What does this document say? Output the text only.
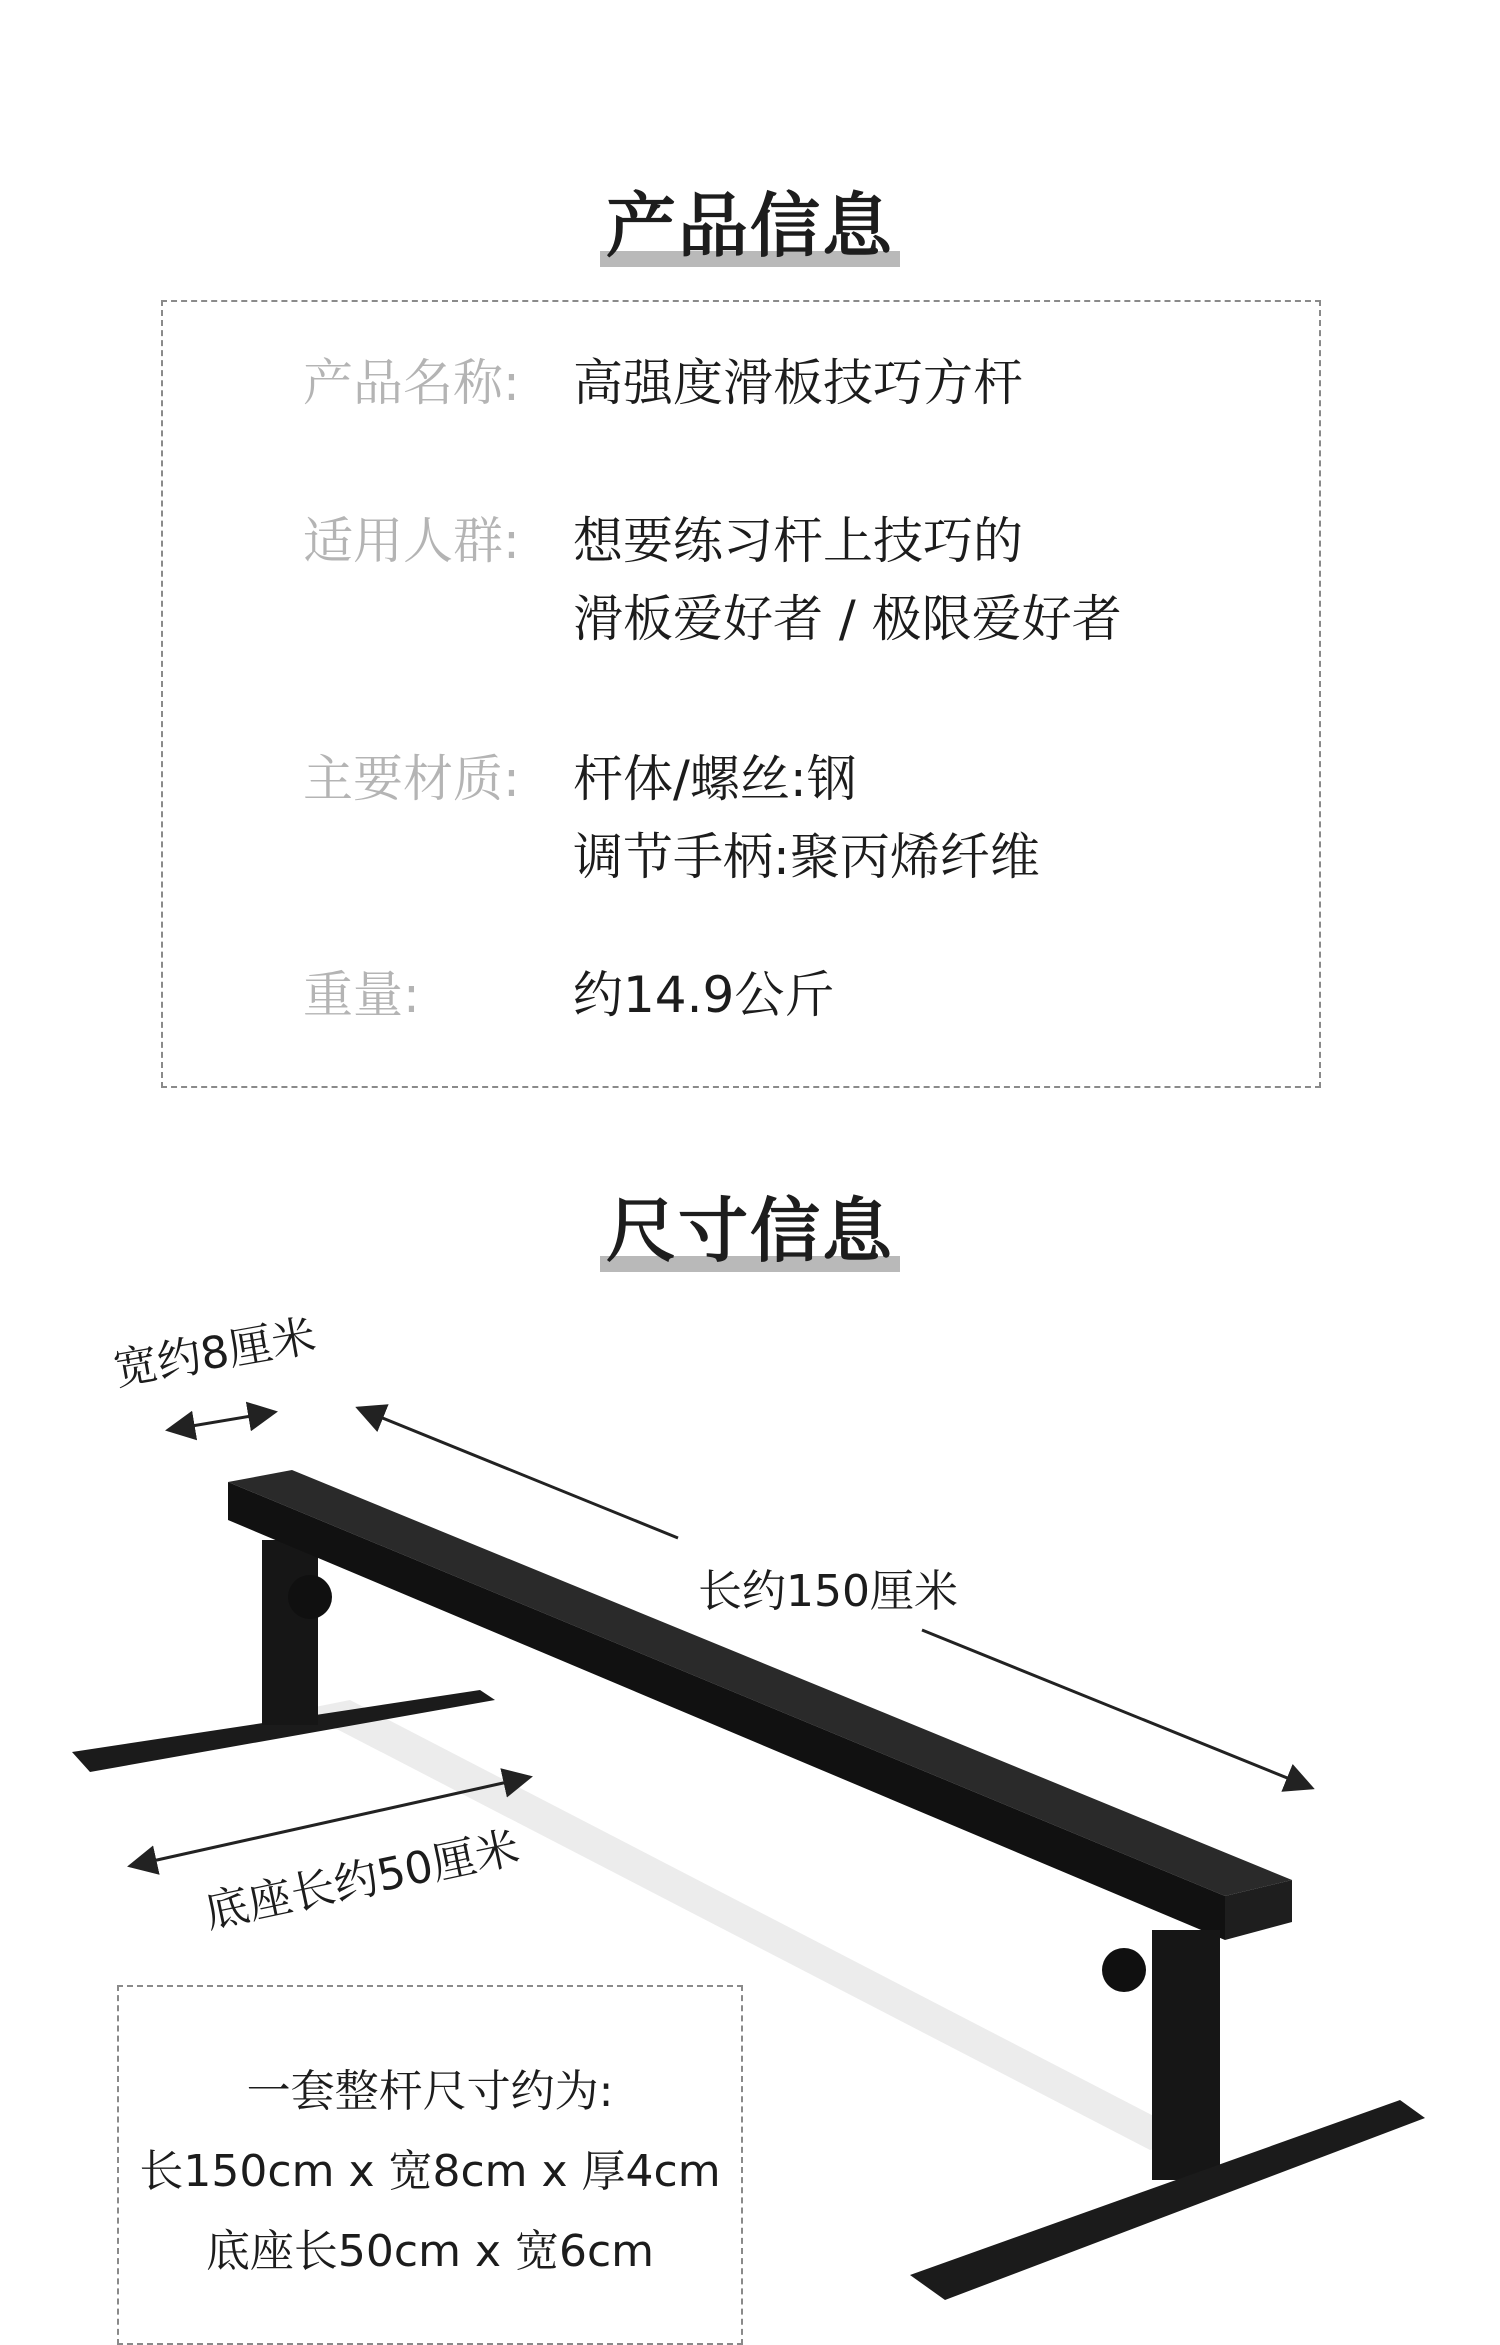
产品信息
产品名称:	高强度滑板技巧方杆
适用人群:	想要练习杆上技巧的
滑板爱好者 / 极限爱好者
主要材质:	杆体/螺丝:钢
调节手柄:聚丙烯纤维
重量:	约14.9公斤
尺寸信息
宽约8厘米
长约150厘米
底座长约50厘米
一套整杆尺寸约为:
长150cm x 宽8cm x 厚4cm
底座长50cm x 宽6cm
